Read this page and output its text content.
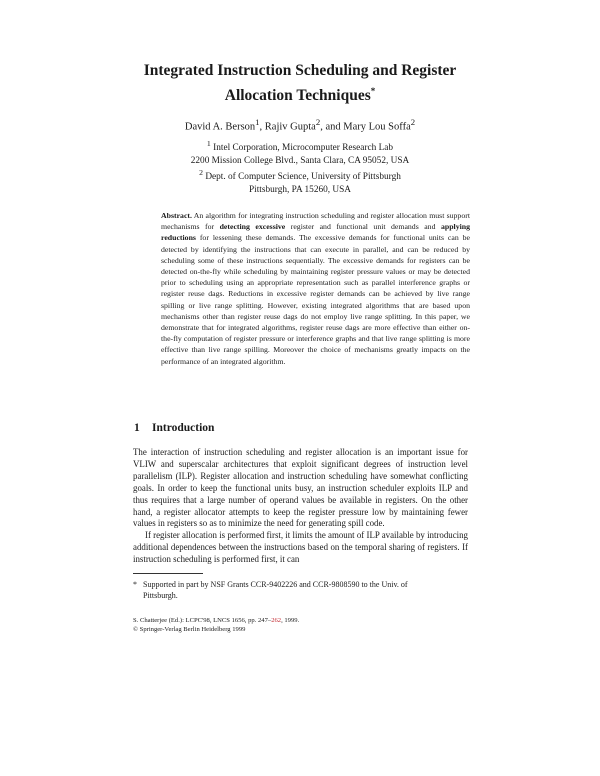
Integrated Instruction Scheduling and Register
Allocation Techniques*
David A. Berson$^1$, Rajiv Gupta$^2$, and Mary Lou Soffa$^2$
$^1$ Intel Corporation, Microcomputer Research Lab
2200 Mission College Blvd., Santa Clara, CA 95052, USA
$^2$ Dept. of Computer Science, University of Pittsburgh
Pittsburgh, PA 15260, USA
Abstract. An algorithm for integrating instruction scheduling and register allocation must support mechanisms for detecting excessive register and functional unit demands and applying reductions for lessening these demands. The excessive demands for functional units can be detected by identifying the instructions that can execute in parallel, and can be reduced by scheduling some of these instructions sequentially. The excessive demands for registers can be detected on-the-fly while scheduling by maintaining register pressure values or may be detected prior to scheduling using an appropriate representation such as parallel interference graphs or register reuse dags. Reductions in excessive register demands can be achieved by live range spilling or live range splitting. However, existing integrated algorithms that are based upon mechanisms other than register reuse dags do not employ live range splitting. In this paper, we demonstrate that for integrated algorithms, register reuse dags are more effective than either on-the-fly computation of register pressure or interference graphs and that live range splitting is more effective than live range spilling. Moreover the choice of mechanisms greatly impacts on the performance of an integrated algorithm.
1 Introduction

The interaction of instruction scheduling and register allocation is an important issue for VLIW and superscalar architectures that exploit significant degrees of instruction level parallelism (ILP). Register allocation and instruction scheduling have somewhat conflicting goals. In order to keep the functional units busy, an instruction scheduler exploits ILP and thus requires that a large number of operand values be available in registers. On the other hand, a register allocator attempts to keep the register pressure low by maintaining fewer values in registers so as to minimize the need for generating spill code.

If register allocation is performed first, it limits the amount of ILP available by introducing additional dependences between the instructions based on the temporal sharing of registers. If instruction scheduling is performed first, it can

* Supported in part by NSF Grants CCR-9402226 and CCR-9808590 to the Univ. of
Pittsburgh.
S. Chatterjee (Ed.): LCPC'98, LNCS 1656, pp. 247–262, 1999.
© Springer-Verlag Berlin Heidelberg 1999
